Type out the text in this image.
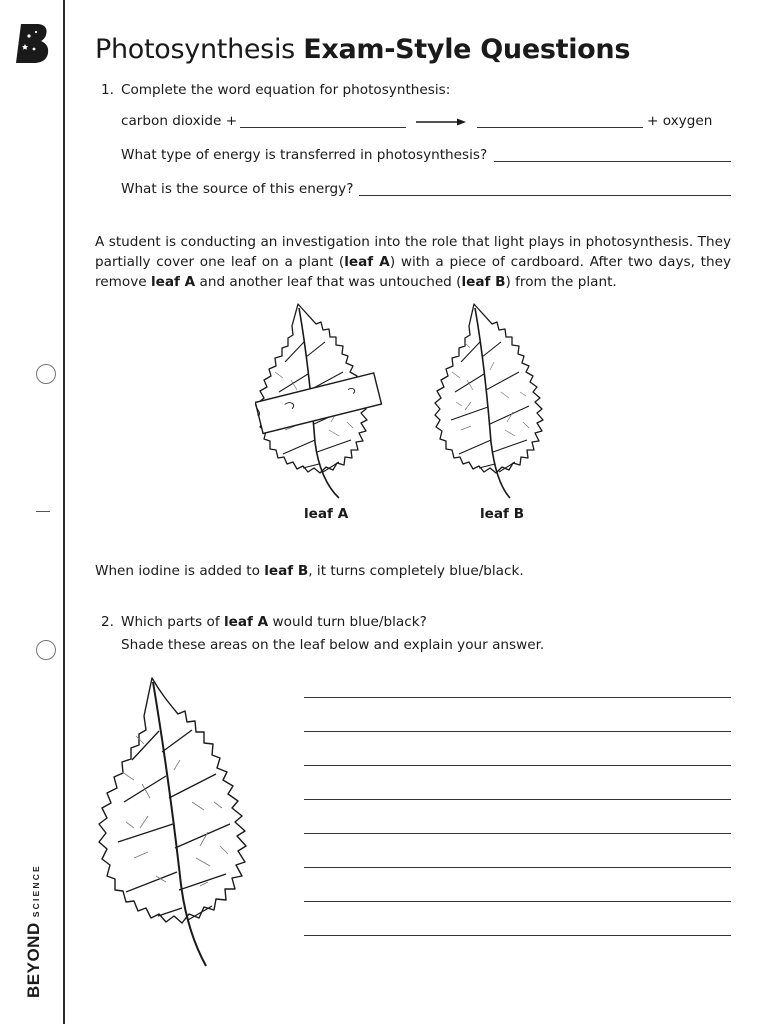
BEYONDSCIENCE
Photosynthesis Exam-Style Questions
1. Complete the word equation for photosynthesis:
carbon dioxide +	+ oxygen
What type of energy is transferred in photosynthesis?
What is the source of this energy?
A student is conducting an investigation into the role that light plays in photosynthesis. They partially cover one leaf on a plant (leaf A) with a piece of cardboard. After two days, they remove leaf A and another leaf that was untouched (leaf B) from the plant.
leaf A	leaf B
When iodine is added to leaf B, it turns completely blue/black.
2. Which parts of leaf A would turn blue/black?
Shade these areas on the leaf below and explain your answer.
